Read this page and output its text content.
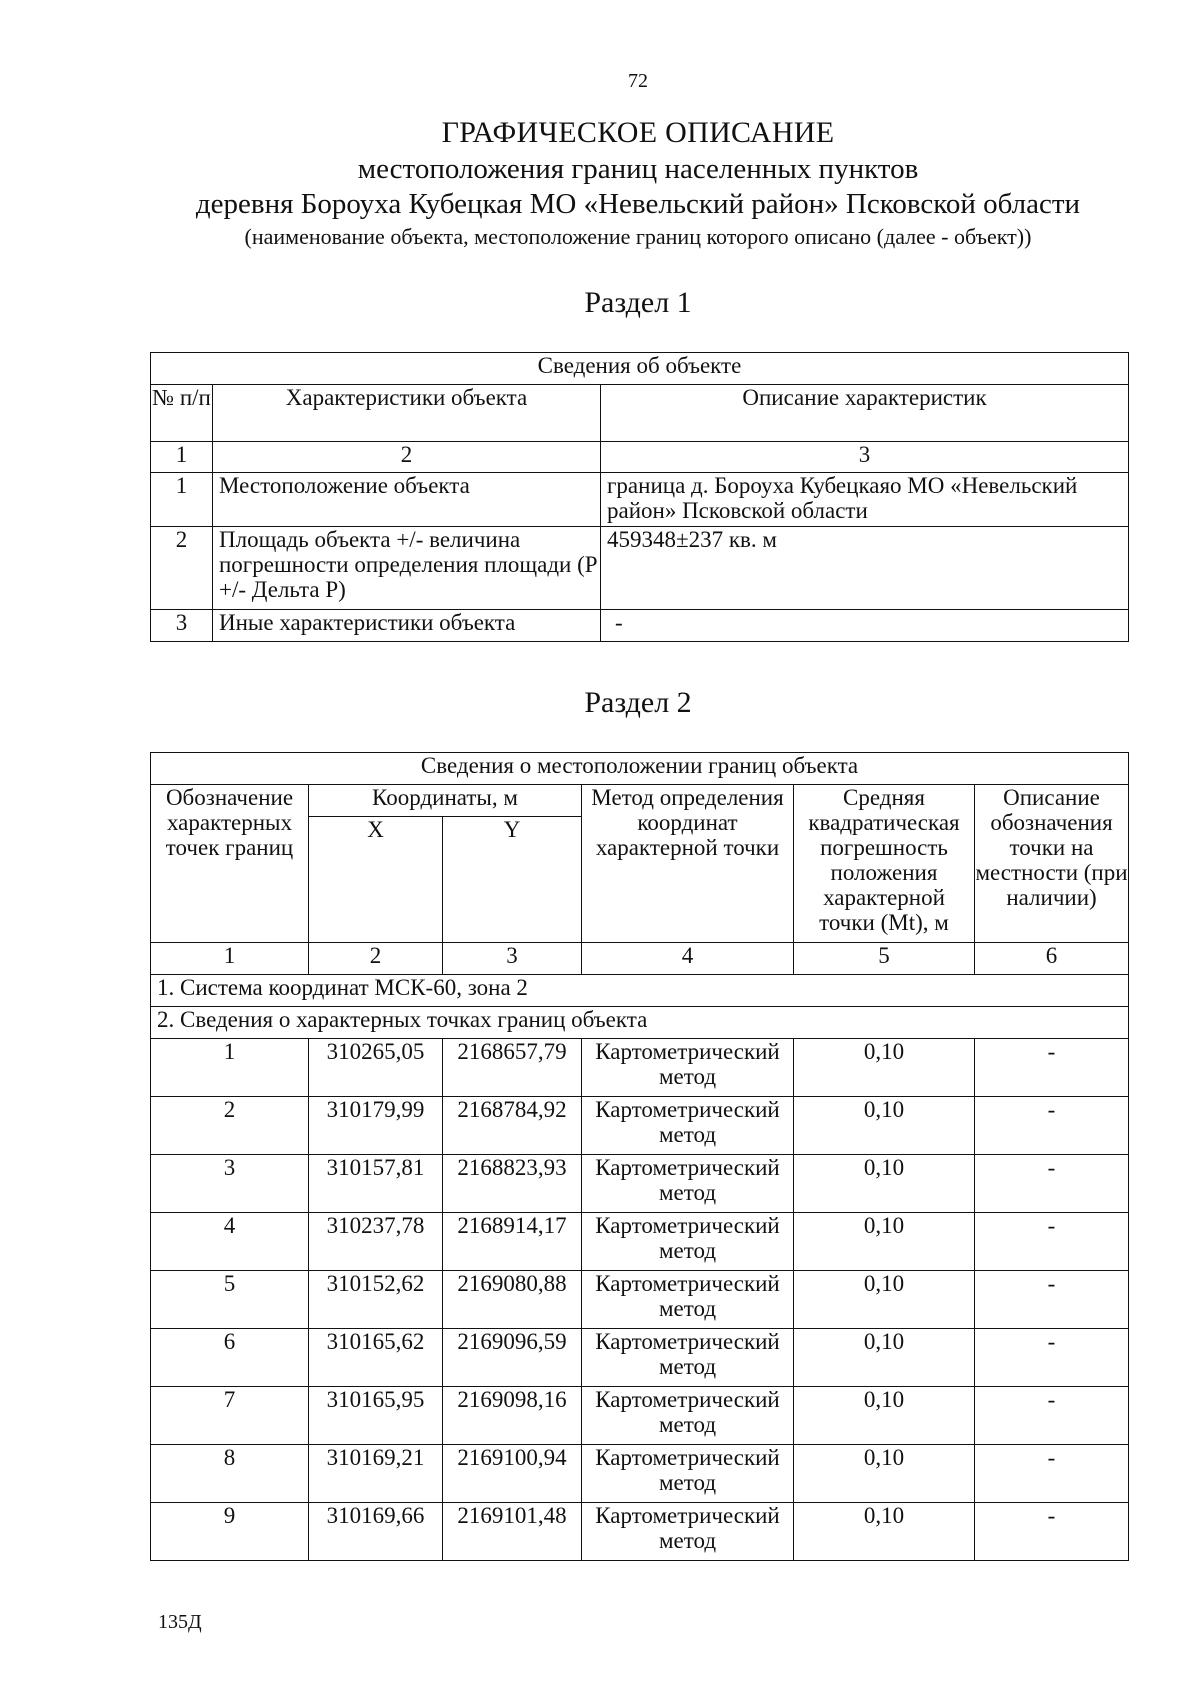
72
ГРАФИЧЕСКОЕ ОПИСАНИЕ
местоположения границ населенных пунктов
деревня Бороуха Кубецкая МО «Невельский район» Псковской области
(наименование объекта, местоположение границ которого описано (далее - объект))
Раздел 1
Сведения об объекте		
№ п/п	Характеристики объекта	Описание характеристик
1	2	3
1	Местоположение объекта	граница д. Бороуха Кубецкаяо МО «Невельский район» Псковской области
2	Площадь объекта +/- величина погрешности определения площади (Р +/- Дельта Р)	459348±237 кв. м
3	Иные характеристики объекта	-
Раздел 2
Сведения о местоположении границ объекта					
Обозначение характерных точек границ	Координаты, м		Метод определения координат характерной точки	Средняя квадратическая погрешность положения характерной точки (Mt), м	Описание обозначения точки на местности (при наличии)
	X	Y			
1	2	3	4	5	6
1. Система координат МСК-60, зона 2					
2. Сведения о характерных точках границ объекта					
1	310265,05	2168657,79	Картометрический метод	0,10	-
2	310179,99	2168784,92	Картометрический метод	0,10	-
3	310157,81	2168823,93	Картометрический метод	0,10	-
4	310237,78	2168914,17	Картометрический метод	0,10	-
5	310152,62	2169080,88	Картометрический метод	0,10	-
6	310165,62	2169096,59	Картометрический метод	0,10	-
7	310165,95	2169098,16	Картометрический метод	0,10	-
8	310169,21	2169100,94	Картометрический метод	0,10	-
9	310169,66	2169101,48	Картометрический метод	0,10	-
135Д
